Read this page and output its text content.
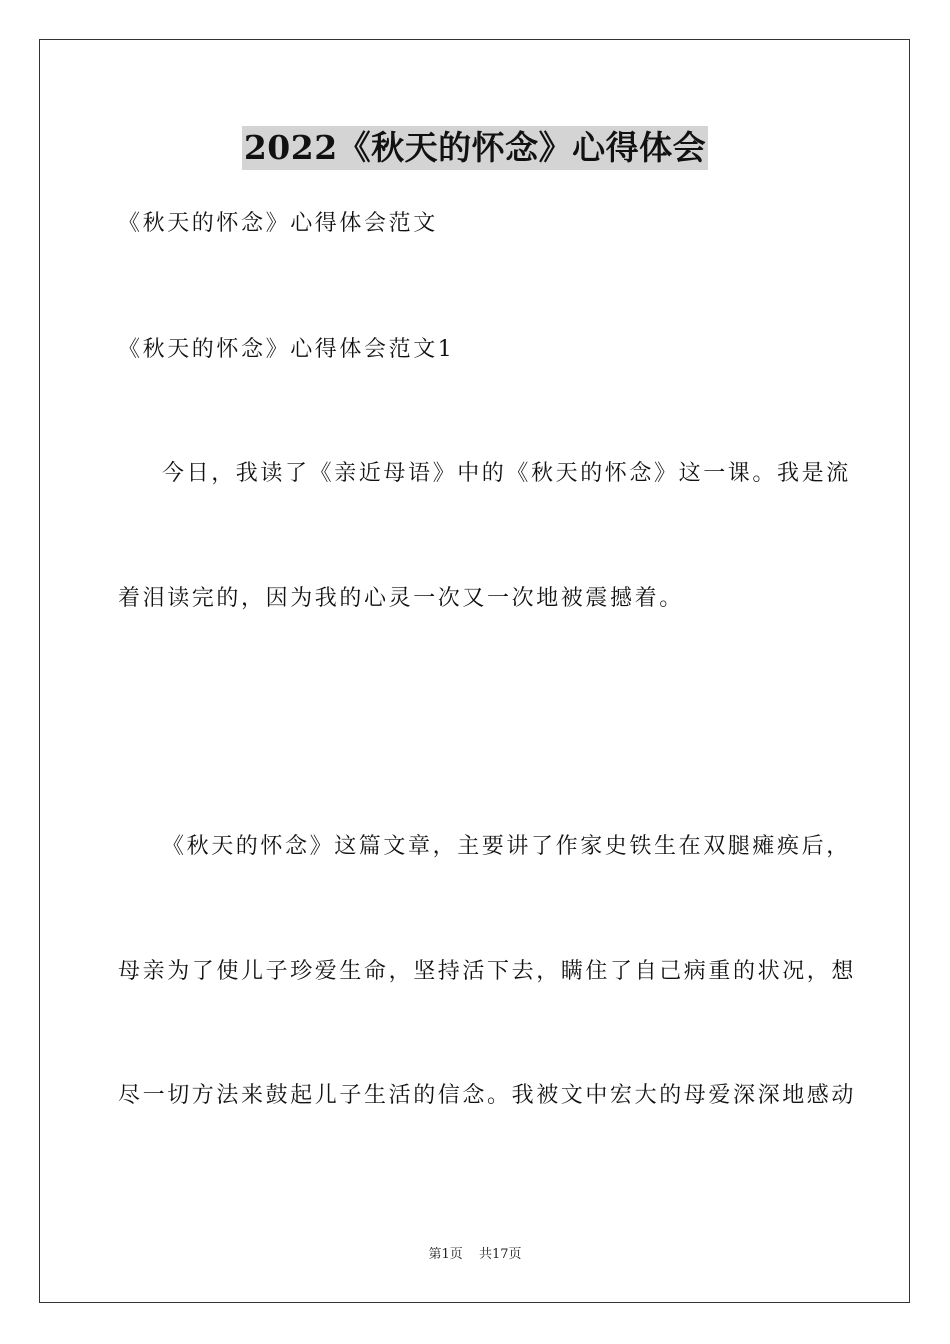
2022《秋天的怀念》心得体会
《秋天的怀念》心得体会范文
《秋天的怀念》心得体会范文1
今日，我读了《亲近母语》中的《秋天的怀念》这一课。我是流
着泪读完的，因为我的心灵一次又一次地被震撼着。
《秋天的怀念》这篇文章，主要讲了作家史铁生在双腿瘫痪后，
母亲为了使儿子珍爱生命，坚持活下去，瞒住了自己病重的状况，想
尽一切方法来鼓起儿子生活的信念。我被文中宏大的母爱深深地感动
第1页 共17页
